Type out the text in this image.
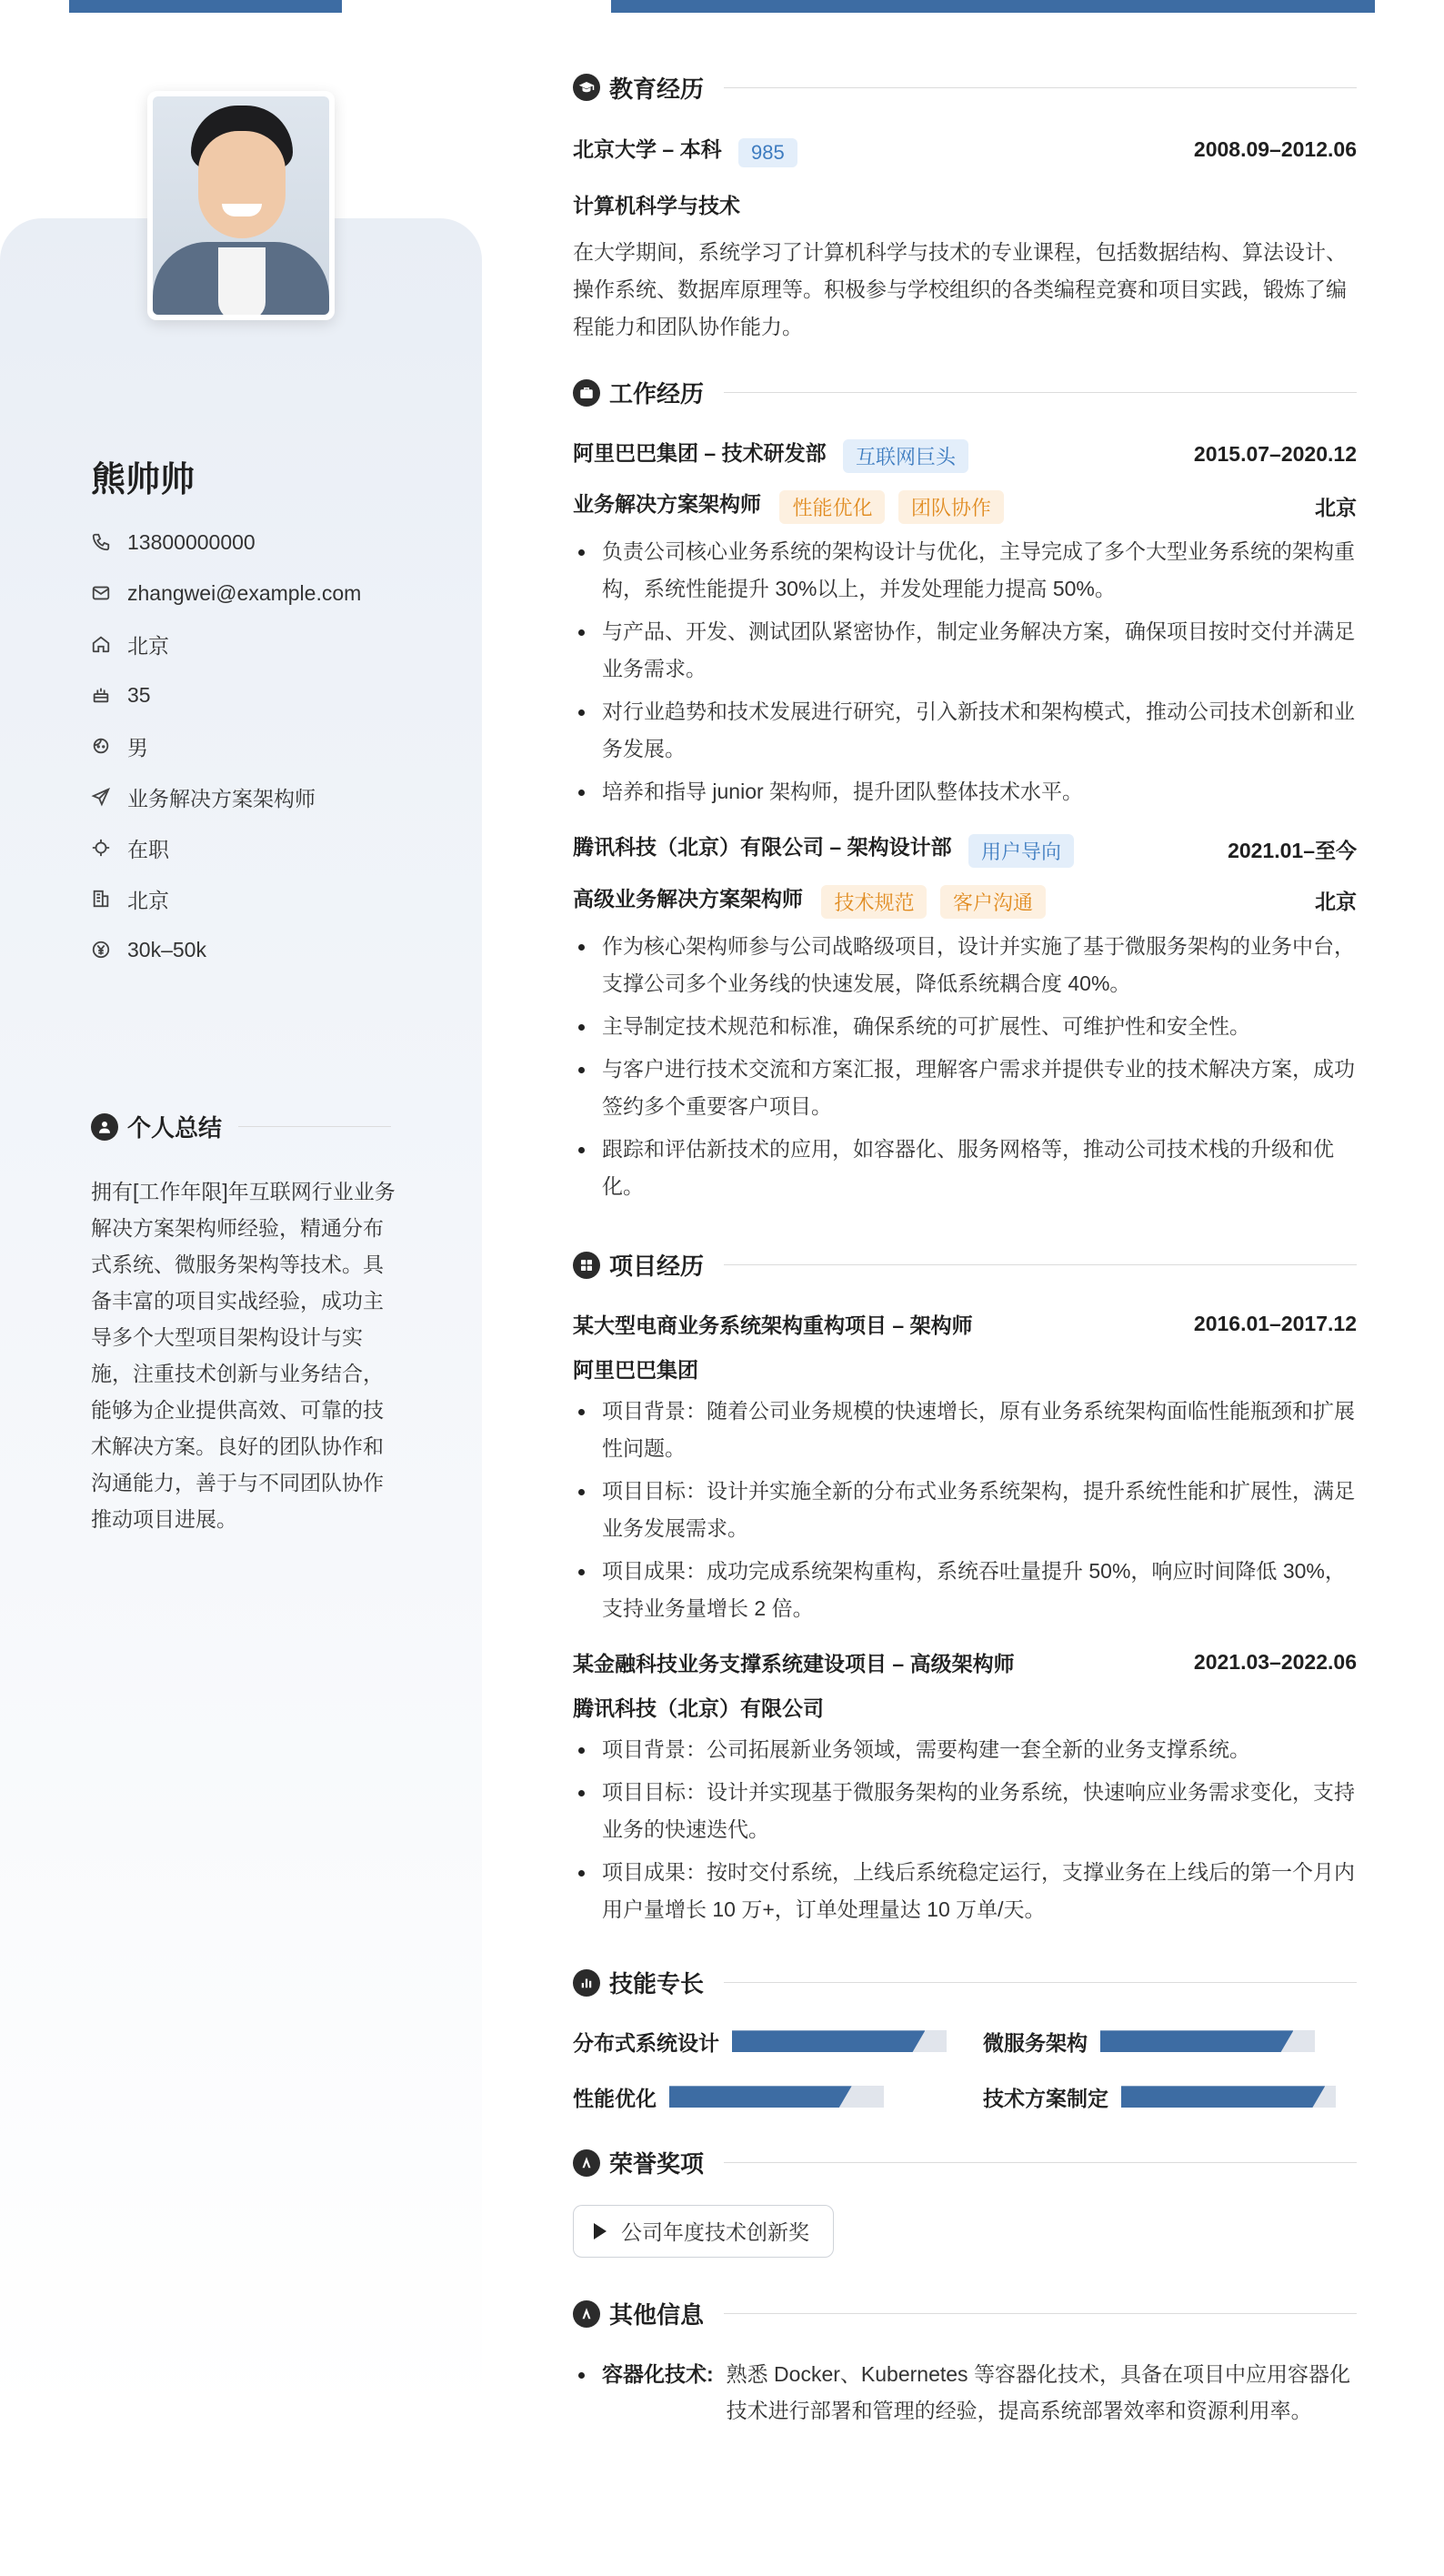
熊帅帅
13800000000
zhangwei@example.com
北京
35
男
业务解决方案架构师
在职
北京
30k–50k
个人总结
拥有[工作年限]年互联网行业业务解决方案架构师经验，精通分布式系统、微服务架构等技术。具备丰富的项目实战经验，成功主导多个大型项目架构设计与实施，注重技术创新与业务结合，能够为企业提供高效、可靠的技术解决方案。良好的团队协作和沟通能力，善于与不同团队协作推动项目进展。
教育经历
北京大学 – 本科 985	2008.09–2012.06
计算机科学与技术
在大学期间，系统学习了计算机科学与技术的专业课程，包括数据结构、算法设计、操作系统、数据库原理等。积极参与学校组织的各类编程竞赛和项目实践，锻炼了编程能力和团队协作能力。
工作经历
阿里巴巴集团 – 技术研发部 互联网巨头	2015.07–2020.12
业务解决方案架构师 性能优化 团队协作	北京
负责公司核心业务系统的架构设计与优化，主导完成了多个大型业务系统的架构重构，系统性能提升 30%以上，并发处理能力提高 50%。
与产品、开发、测试团队紧密协作，制定业务解决方案，确保项目按时交付并满足业务需求。
对行业趋势和技术发展进行研究，引入新技术和架构模式，推动公司技术创新和业务发展。
培养和指导 junior 架构师，提升团队整体技术水平。
腾讯科技（北京）有限公司 – 架构设计部 用户导向	2021.01–至今
高级业务解决方案架构师 技术规范 客户沟通	北京
作为核心架构师参与公司战略级项目，设计并实施了基于微服务架构的业务中台，支撑公司多个业务线的快速发展，降低系统耦合度 40%。
主导制定技术规范和标准，确保系统的可扩展性、可维护性和安全性。
与客户进行技术交流和方案汇报，理解客户需求并提供专业的技术解决方案，成功签约多个重要客户项目。
跟踪和评估新技术的应用，如容器化、服务网格等，推动公司技术栈的升级和优化。
项目经历
某大型电商业务系统架构重构项目 – 架构师	2016.01–2017.12
阿里巴巴集团
项目背景：随着公司业务规模的快速增长，原有业务系统架构面临性能瓶颈和扩展性问题。
项目目标：设计并实施全新的分布式业务系统架构，提升系统性能和扩展性，满足业务发展需求。
项目成果：成功完成系统架构重构，系统吞吐量提升 50%，响应时间降低 30%，支持业务量增长 2 倍。
某金融科技业务支撑系统建设项目 – 高级架构师	2021.03–2022.06
腾讯科技（北京）有限公司
项目背景：公司拓展新业务领域，需要构建一套全新的业务支撑系统。
项目目标：设计并实现基于微服务架构的业务系统，快速响应业务需求变化，支持业务的快速迭代。
项目成果：按时交付系统，上线后系统稳定运行，支撑业务在上线后的第一个月内用户量增长 10 万+，订单处理量达 10 万单/天。
技能专长
分布式系统设计	微服务架构
性能优化	技术方案制定
荣誉奖项
公司年度技术创新奖
其他信息
容器化技术: 熟悉 Docker、Kubernetes 等容器化技术，具备在项目中应用容器化技术进行部署和管理的经验，提高系统部署效率和资源利用率。
